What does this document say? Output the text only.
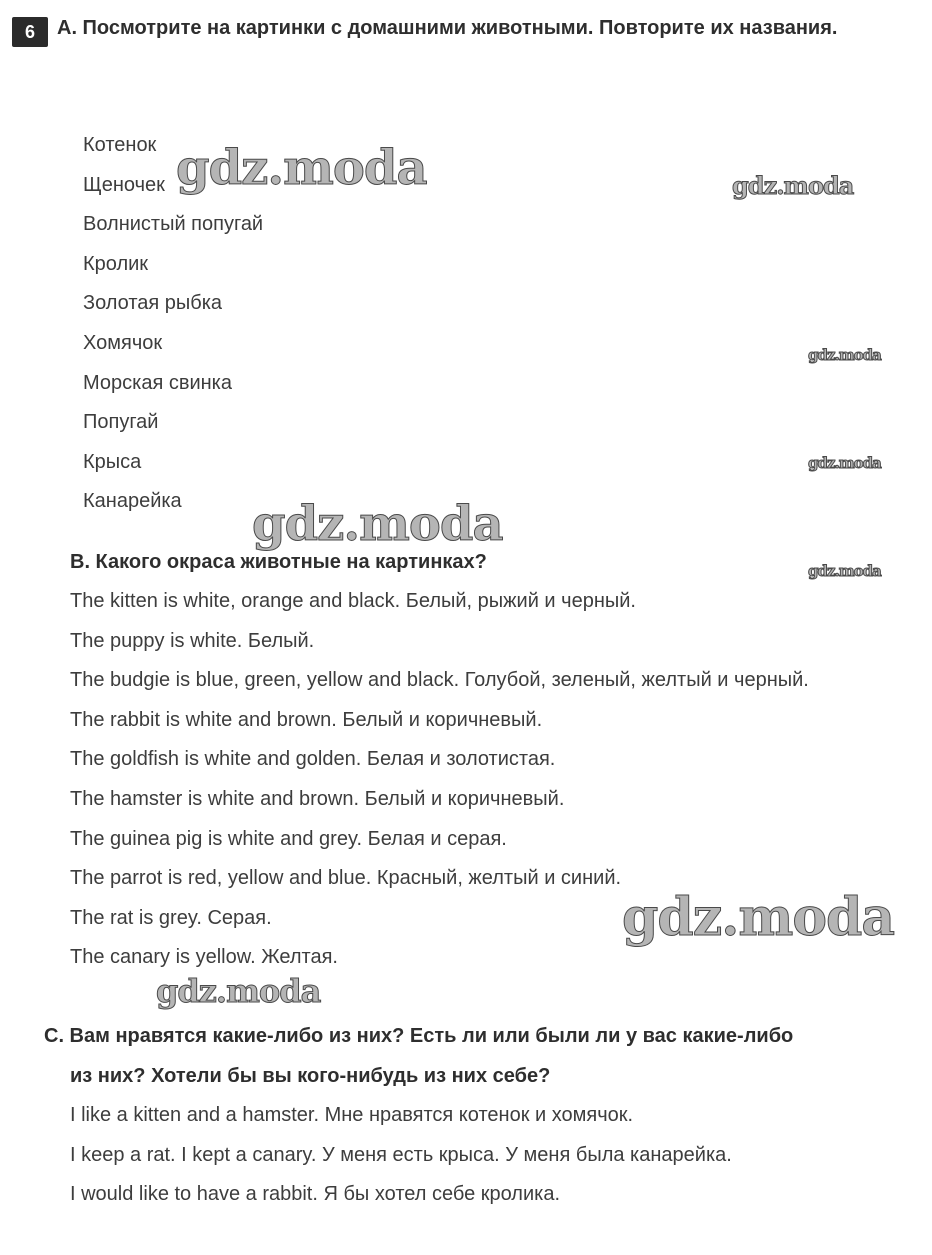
6	A. Посмотрите на картинки с домашними животными. Повторите их названия.
Котенок
Щеночек
Волнистый попугай
Кролик
Золотая рыбка
Хомячок
Морская свинка
Попугай
Крыса
Канарейка
B. Какого окраса животные на картинках?
The kitten is white, orange and black. Белый, рыжий и черный.
The puppy is white. Белый.
The budgie is blue, green, yellow and black. Голубой, зеленый, желтый и черный.
The rabbit is white and brown. Белый и коричневый.
The goldfish is white and golden. Белая и золотистая.
The hamster is white and brown. Белый и коричневый.
The guinea pig is white and grey. Белая и серая.
The parrot is red, yellow and blue. Красный, желтый и синий.
The rat is grey. Серая.
The canary is yellow. Желтая.
C. Вам нравятся какие-либо из них? Есть ли или были ли у вас какие-либо
из них? Хотели бы вы кого-нибудь из них себе?
I like a kitten and a hamster. Мне нравятся котенок и хомячок.
I keep a rat. I kept a canary. У меня есть крыса. У меня была канарейка.
I would like to have a rabbit. Я бы хотел себе кролика.
gdz.moda	gdz.moda
gdz.moda
gdz.moda
gdz.moda
gdz.moda
gdz.moda
gdz.moda
